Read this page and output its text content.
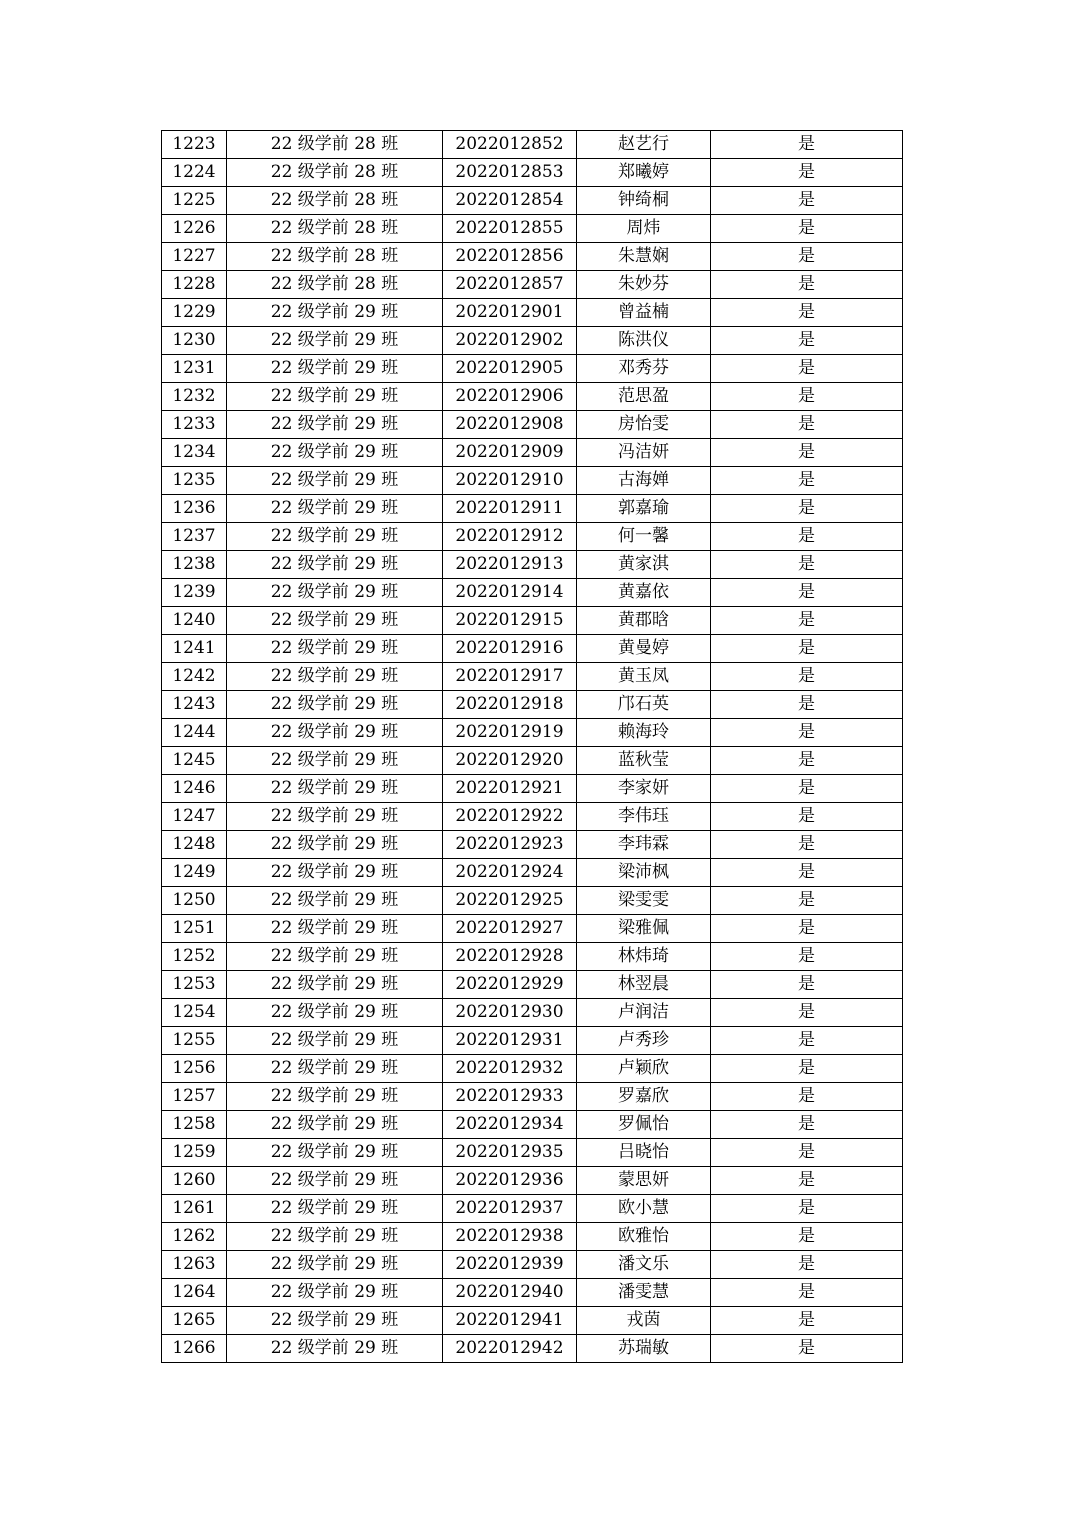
1223	22 级学前 28 班	2022012852	赵艺行	是
1224	22 级学前 28 班	2022012853	郑曦婷	是
1225	22 级学前 28 班	2022012854	钟绮桐	是
1226	22 级学前 28 班	2022012855	周炜	是
1227	22 级学前 28 班	2022012856	朱慧娴	是
1228	22 级学前 28 班	2022012857	朱妙芬	是
1229	22 级学前 29 班	2022012901	曾益楠	是
1230	22 级学前 29 班	2022012902	陈洪仪	是
1231	22 级学前 29 班	2022012905	邓秀芬	是
1232	22 级学前 29 班	2022012906	范思盈	是
1233	22 级学前 29 班	2022012908	房怡雯	是
1234	22 级学前 29 班	2022012909	冯洁妍	是
1235	22 级学前 29 班	2022012910	古海婵	是
1236	22 级学前 29 班	2022012911	郭嘉瑜	是
1237	22 级学前 29 班	2022012912	何一馨	是
1238	22 级学前 29 班	2022012913	黄家淇	是
1239	22 级学前 29 班	2022012914	黄嘉依	是
1240	22 级学前 29 班	2022012915	黄郡晗	是
1241	22 级学前 29 班	2022012916	黄曼婷	是
1242	22 级学前 29 班	2022012917	黄玉凤	是
1243	22 级学前 29 班	2022012918	邝石英	是
1244	22 级学前 29 班	2022012919	赖海玲	是
1245	22 级学前 29 班	2022012920	蓝秋莹	是
1246	22 级学前 29 班	2022012921	李家妍	是
1247	22 级学前 29 班	2022012922	李伟珏	是
1248	22 级学前 29 班	2022012923	李玮霖	是
1249	22 级学前 29 班	2022012924	梁沛枫	是
1250	22 级学前 29 班	2022012925	梁雯雯	是
1251	22 级学前 29 班	2022012927	梁雅佩	是
1252	22 级学前 29 班	2022012928	林炜琦	是
1253	22 级学前 29 班	2022012929	林翌晨	是
1254	22 级学前 29 班	2022012930	卢润洁	是
1255	22 级学前 29 班	2022012931	卢秀珍	是
1256	22 级学前 29 班	2022012932	卢颖欣	是
1257	22 级学前 29 班	2022012933	罗嘉欣	是
1258	22 级学前 29 班	2022012934	罗佩怡	是
1259	22 级学前 29 班	2022012935	吕晓怡	是
1260	22 级学前 29 班	2022012936	蒙思妍	是
1261	22 级学前 29 班	2022012937	欧小慧	是
1262	22 级学前 29 班	2022012938	欧雅怡	是
1263	22 级学前 29 班	2022012939	潘文乐	是
1264	22 级学前 29 班	2022012940	潘雯慧	是
1265	22 级学前 29 班	2022012941	戎茵	是
1266	22 级学前 29 班	2022012942	苏瑞敏	是
